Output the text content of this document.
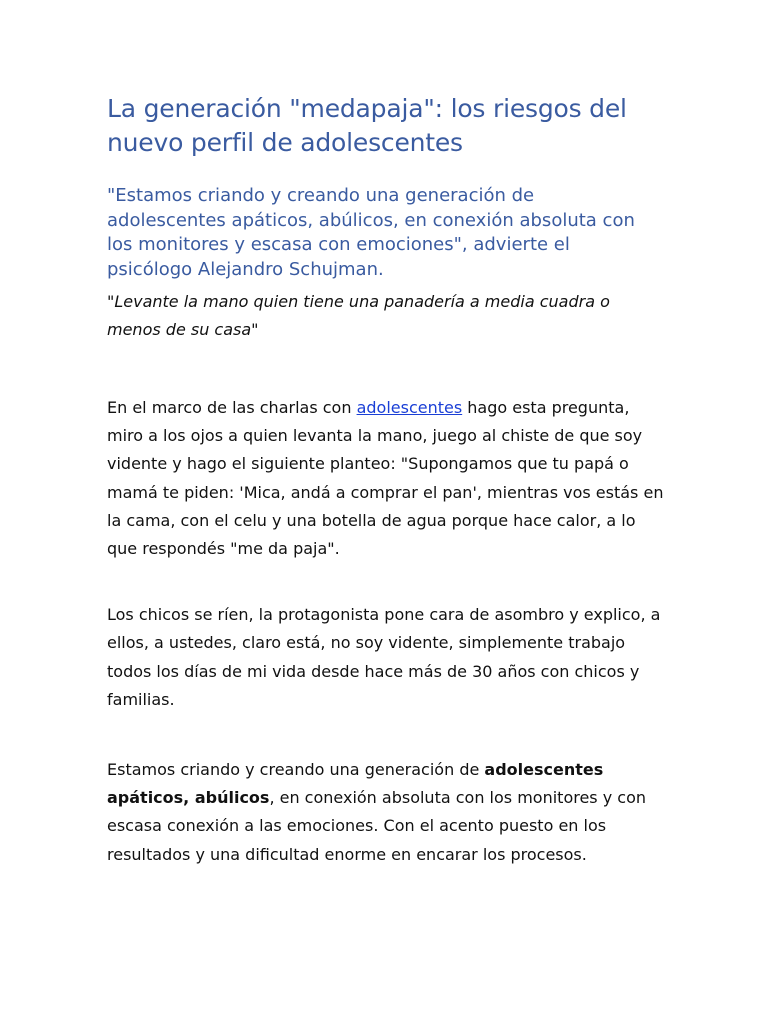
La generación "medapaja": los riesgos del nuevo perfil de adolescentes

"Estamos criando y creando una generación de adolescentes apáticos, abúlicos, en conexión absoluta con los monitores y escasa con emociones", advierte el psicólogo Alejandro Schujman.

"Levante la mano quien tiene una panadería a media cuadra o menos de su casa"

En el marco de las charlas con adolescentes hago esta pregunta, miro a los ojos a quien levanta la mano, juego al chiste de que soy vidente y hago el siguiente planteo: "Supongamos que tu papá o mamá te piden: 'Mica, andá a comprar el pan', mientras vos estás en la cama, con el celu y una botella de agua porque hace calor, a lo que respondés "me da paja".

Los chicos se ríen, la protagonista pone cara de asombro y explico, a ellos, a ustedes, claro está, no soy vidente, simplemente trabajo todos los días de mi vida desde hace más de 30 años con chicos y familias.

Estamos criando y creando una generación de adolescentes apáticos, abúlicos, en conexión absoluta con los monitores y con escasa conexión a las emociones. Con el acento puesto en los resultados y una dificultad enorme en encarar los procesos.
